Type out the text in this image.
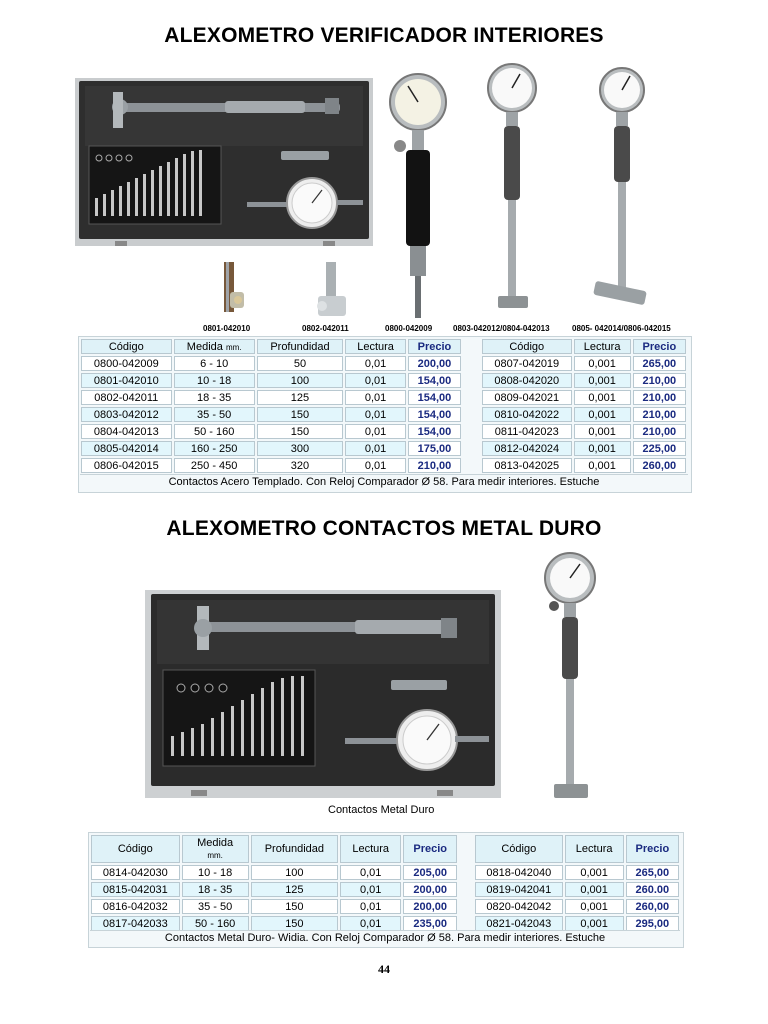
ALEXOMETRO VERIFICADOR INTERIORES
0801-042010	0802-042011	0800-042009	0803-042012/0804-042013	0805- 042014/0806-042015
Código	Medida mm.	Profundidad	Lectura	Precio
0800-042009	6 - 10	50	0,01	200,00
0801-042010	10 - 18	100	0,01	154,00
0802-042011	18 - 35	125	0,01	154,00
0803-042012	35 - 50	150	0,01	154,00
0804-042013	50 - 160	150	0,01	154,00
0805-042014	160 - 250	300	0,01	175,00
0806-042015	250 - 450	320	0,01	210,00
Código	Lectura	Precio
0807-042019	0,001	265,00
0808-042020	0,001	210,00
0809-042021	0,001	210,00
0810-042022	0,001	210,00
0811-042023	0,001	210,00
0812-042024	0,001	225,00
0813-042025	0,001	260,00
Contactos Acero Templado. Con Reloj Comparador Ø 58. Para medir interiores. Estuche
ALEXOMETRO CONTACTOS METAL DURO
Contactos Metal Duro
Código	Medida
mm.	Profundidad	Lectura	Precio
0814-042030	10 - 18	100	0,01	205,00
0815-042031	18 - 35	125	0,01	200,00
0816-042032	35 - 50	150	0,01	200,00
0817-042033	50 - 160	150	0,01	235,00
Código	Lectura	Precio
0818-042040	0,001	265,00
0819-042041	0,001	260.00
0820-042042	0,001	260,00
0821-042043	0,001	295,00
Contactos Metal Duro- Widia. Con Reloj Comparador Ø 58. Para medir interiores. Estuche
44
